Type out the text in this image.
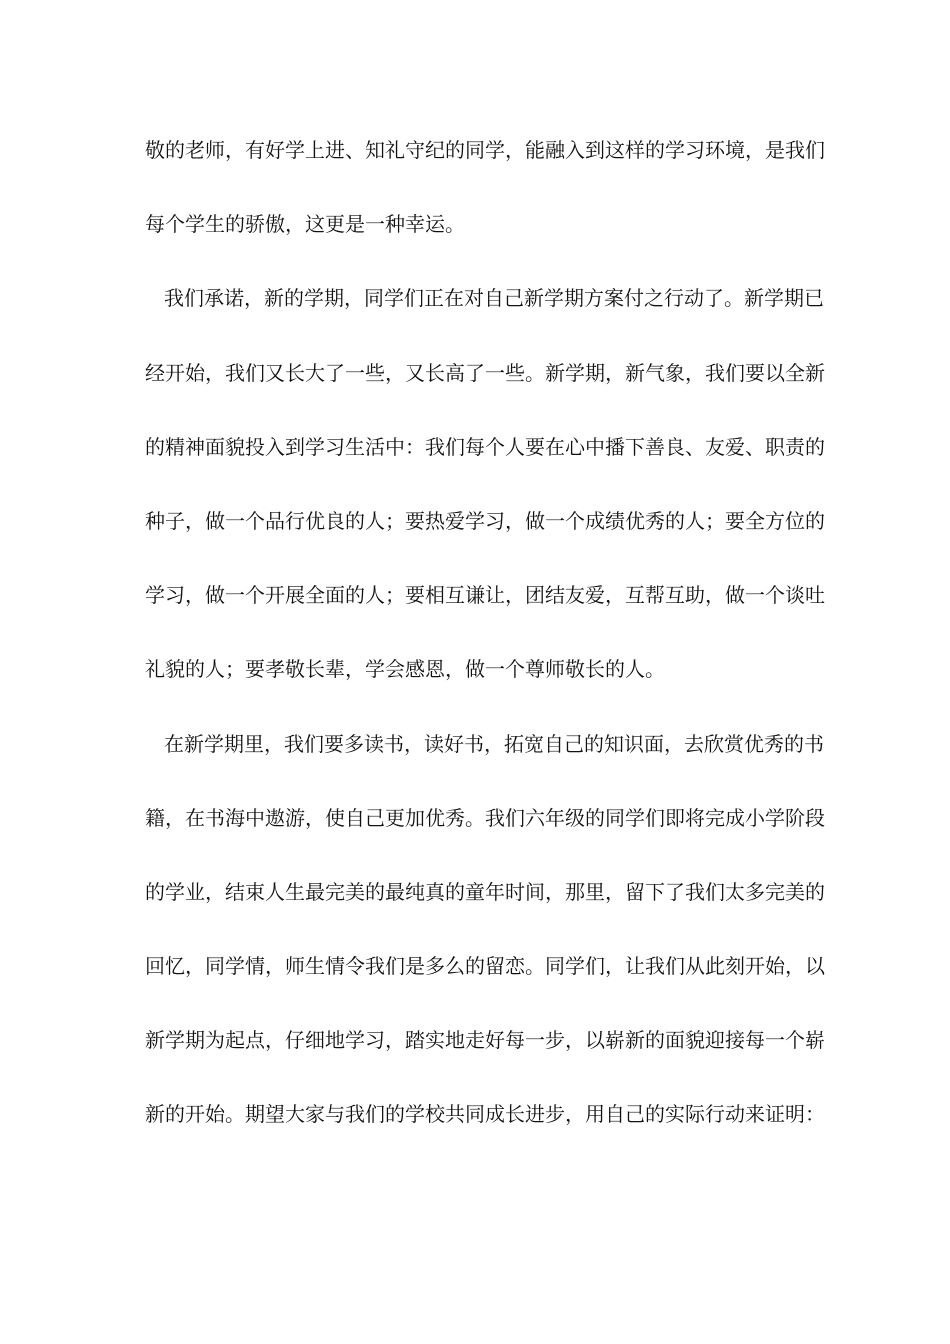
敬的老师，有好学上进、知礼守纪的同学，能融入到这样的学习环境，是我们
每个学生的骄傲，这更是一种幸运。
我们承诺，新的学期，同学们正在对自己新学期方案付之行动了。新学期已
经开始，我们又长大了一些，又长高了一些。新学期，新气象，我们要以全新
的精神面貌投入到学习生活中：我们每个人要在心中播下善良、友爱、职责的
种子，做一个品行优良的人；要热爱学习，做一个成绩优秀的人；要全方位的
学习，做一个开展全面的人；要相互谦让，团结友爱，互帮互助，做一个谈吐
礼貌的人；要孝敬长辈，学会感恩，做一个尊师敬长的人。
在新学期里，我们要多读书，读好书，拓宽自己的知识面，去欣赏优秀的书
籍，在书海中遨游，使自己更加优秀。我们六年级的同学们即将完成小学阶段
的学业，结束人生最完美的最纯真的童年时间，那里，留下了我们太多完美的
回忆，同学情，师生情令我们是多么的留恋。同学们，让我们从此刻开始，以
新学期为起点，仔细地学习，踏实地走好每一步，以崭新的面貌迎接每一个崭
新的开始。期望大家与我们的学校共同成长进步，用自己的实际行动来证明：
